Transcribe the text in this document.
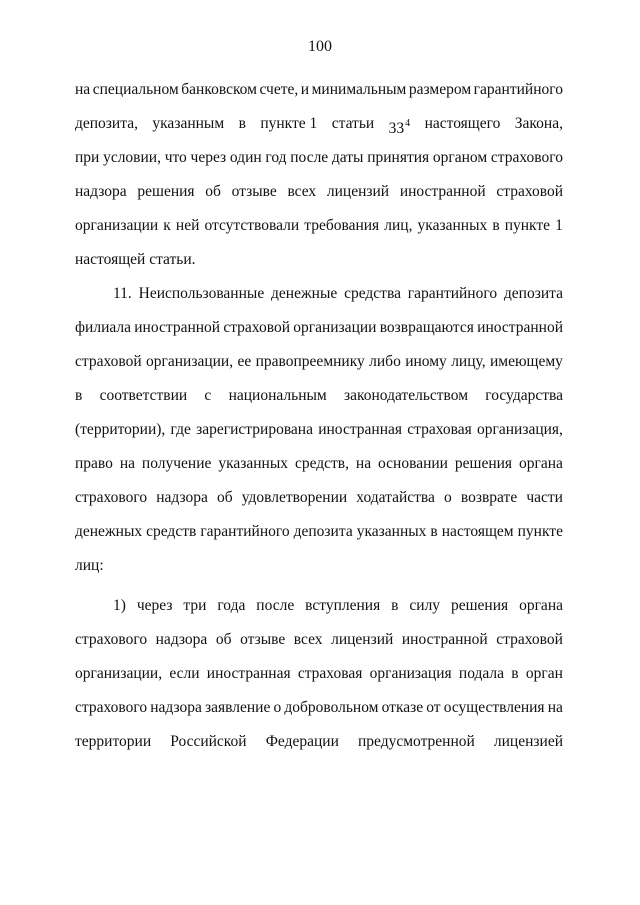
100
на специальном банковском счете, и минимальным размером гарантийного
депозита, указанным в пункте 1 статьи $33^4$ настоящего Закона,
при условии, что через один год после даты принятия органом страхового
надзора решения об отзыве всех лицензий иностранной страховой
организации к ней отсутствовали требования лиц, указанных в пункте 1
настоящей статьи.
11. Неиспользованные денежные средства гарантийного депозита
филиала иностранной страховой организации возвращаются иностранной
страховой организации, ее правопреемнику либо иному лицу, имеющему
в соответствии с национальным законодательством государства
(территории), где зарегистрирована иностранная страховая организация,
право на получение указанных средств, на основании решения органа
страхового надзора об удовлетворении ходатайства о возврате части
денежных средств гарантийного депозита указанных в настоящем пункте
лиц:
1) через три года после вступления в силу решения органа
страхового надзора об отзыве всех лицензий иностранной страховой
организации, если иностранная страховая организация подала в орган
страхового надзора заявление о добровольном отказе от осуществления на
территории Российской Федерации предусмотренной лицензией
